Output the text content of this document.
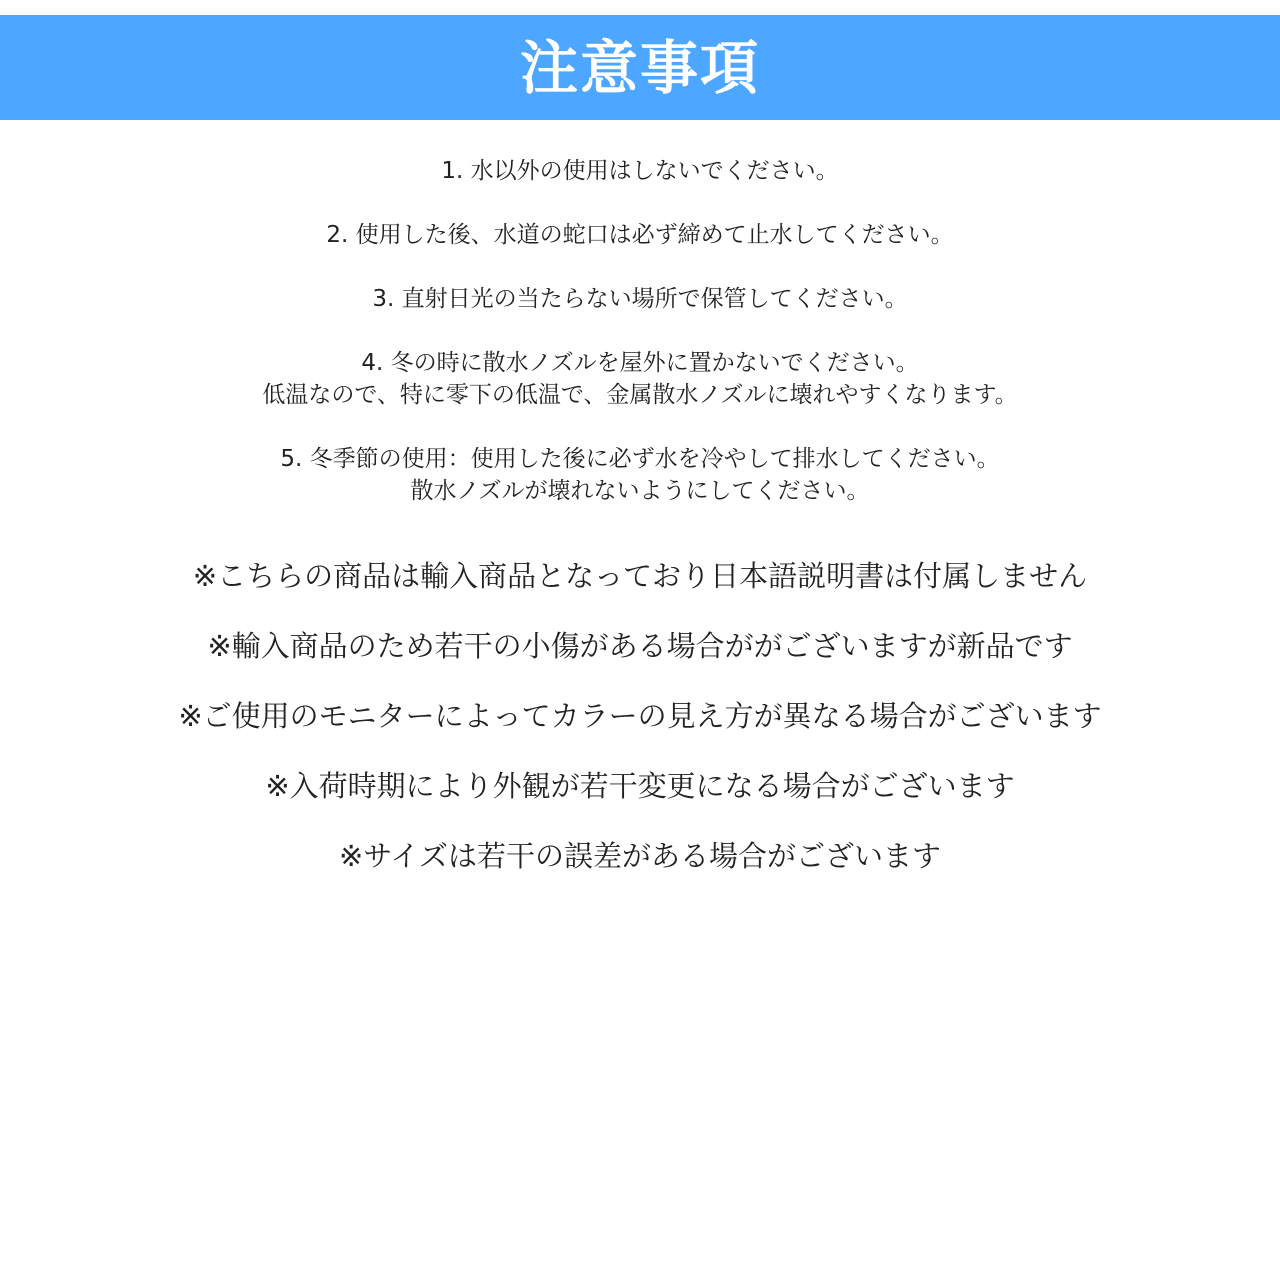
注意事項
1. 水以外の使用はしないでください。
2. 使用した後、水道の蛇口は必ず締めて止水してください。
3. 直射日光の当たらない場所で保管してください。
4. 冬の時に散水ノズルを屋外に置かないでください。
低温なので、特に零下の低温で、金属散水ノズルに壊れやすくなります。
5. 冬季節の使用：使用した後に必ず水を冷やして排水してください。
散水ノズルが壊れないようにしてください。
※こちらの商品は輸入商品となっており日本語説明書は付属しません
※輸入商品のため若干の小傷がある場合ががございますが新品です
※ご使用のモニターによってカラーの見え方が異なる場合がございます
※入荷時期により外観が若干変更になる場合がございます
※サイズは若干の誤差がある場合がございます
